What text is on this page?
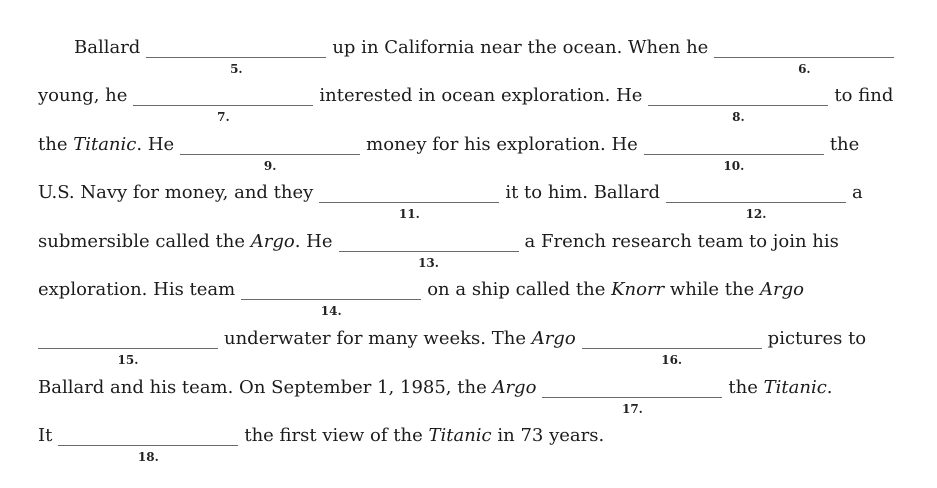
Ballard
5.
up in California near the ocean. When he
6.
young, he
7.
interested in ocean exploration. He
8.
to find
the Titanic. He
9.
money for his exploration. He
10.
the
U.S. Navy for money, and they
11.
it to him. Ballard
12.
a
submersible called the Argo. He
13.
a French research team to join his
exploration. His team
14.
on a ship called the Knorr while the Argo
15.
underwater for many weeks. The Argo
16.
pictures to
Ballard and his team. On September 1, 1985, the Argo
17.
the Titanic.
It
18.
the first view of the Titanic in 73 years.
